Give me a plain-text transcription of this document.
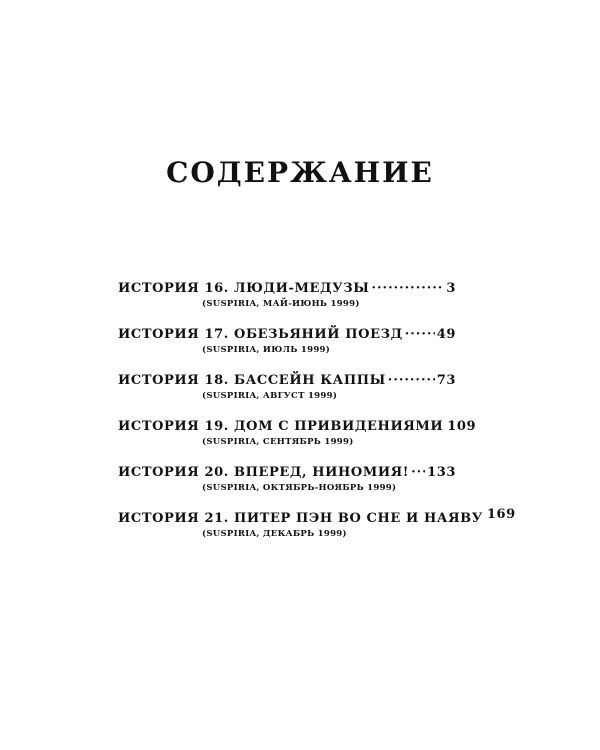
СОДЕРЖАНИЕ
ИСТОРИЯ 16. ЛЮДИ-МЕДУЗЫ ·····	3
(SUSPIRIA, МАЙ-ИЮНЬ 1999)
ИСТОРИЯ 17. ОБЕЗЬЯНИЙ ПОЕЗД ·····	49
(SUSPIRIA, ИЮЛЬ 1999)
ИСТОРИЯ 18. БАССЕЙН КАППЫ ·····	73
(SUSPIRIA, АВГУСТ 1999)
ИСТОРИЯ 19. ДОМ С ПРИВИДЕНИЯМИ 109
(SUSPIRIA, СЕНТЯБРЬ 1999)
ИСТОРИЯ 20. ВПЕРЕД, НИНОМИЯ! ····· 133
(SUSPIRIA, ОКТЯБРЬ-НОЯБРЬ 1999)
ИСТОРИЯ 21. ПИТЕР ПЭН ВО СНЕ И НАЯВУ 169
(SUSPIRIA, ДЕКАБРЬ 1999)
